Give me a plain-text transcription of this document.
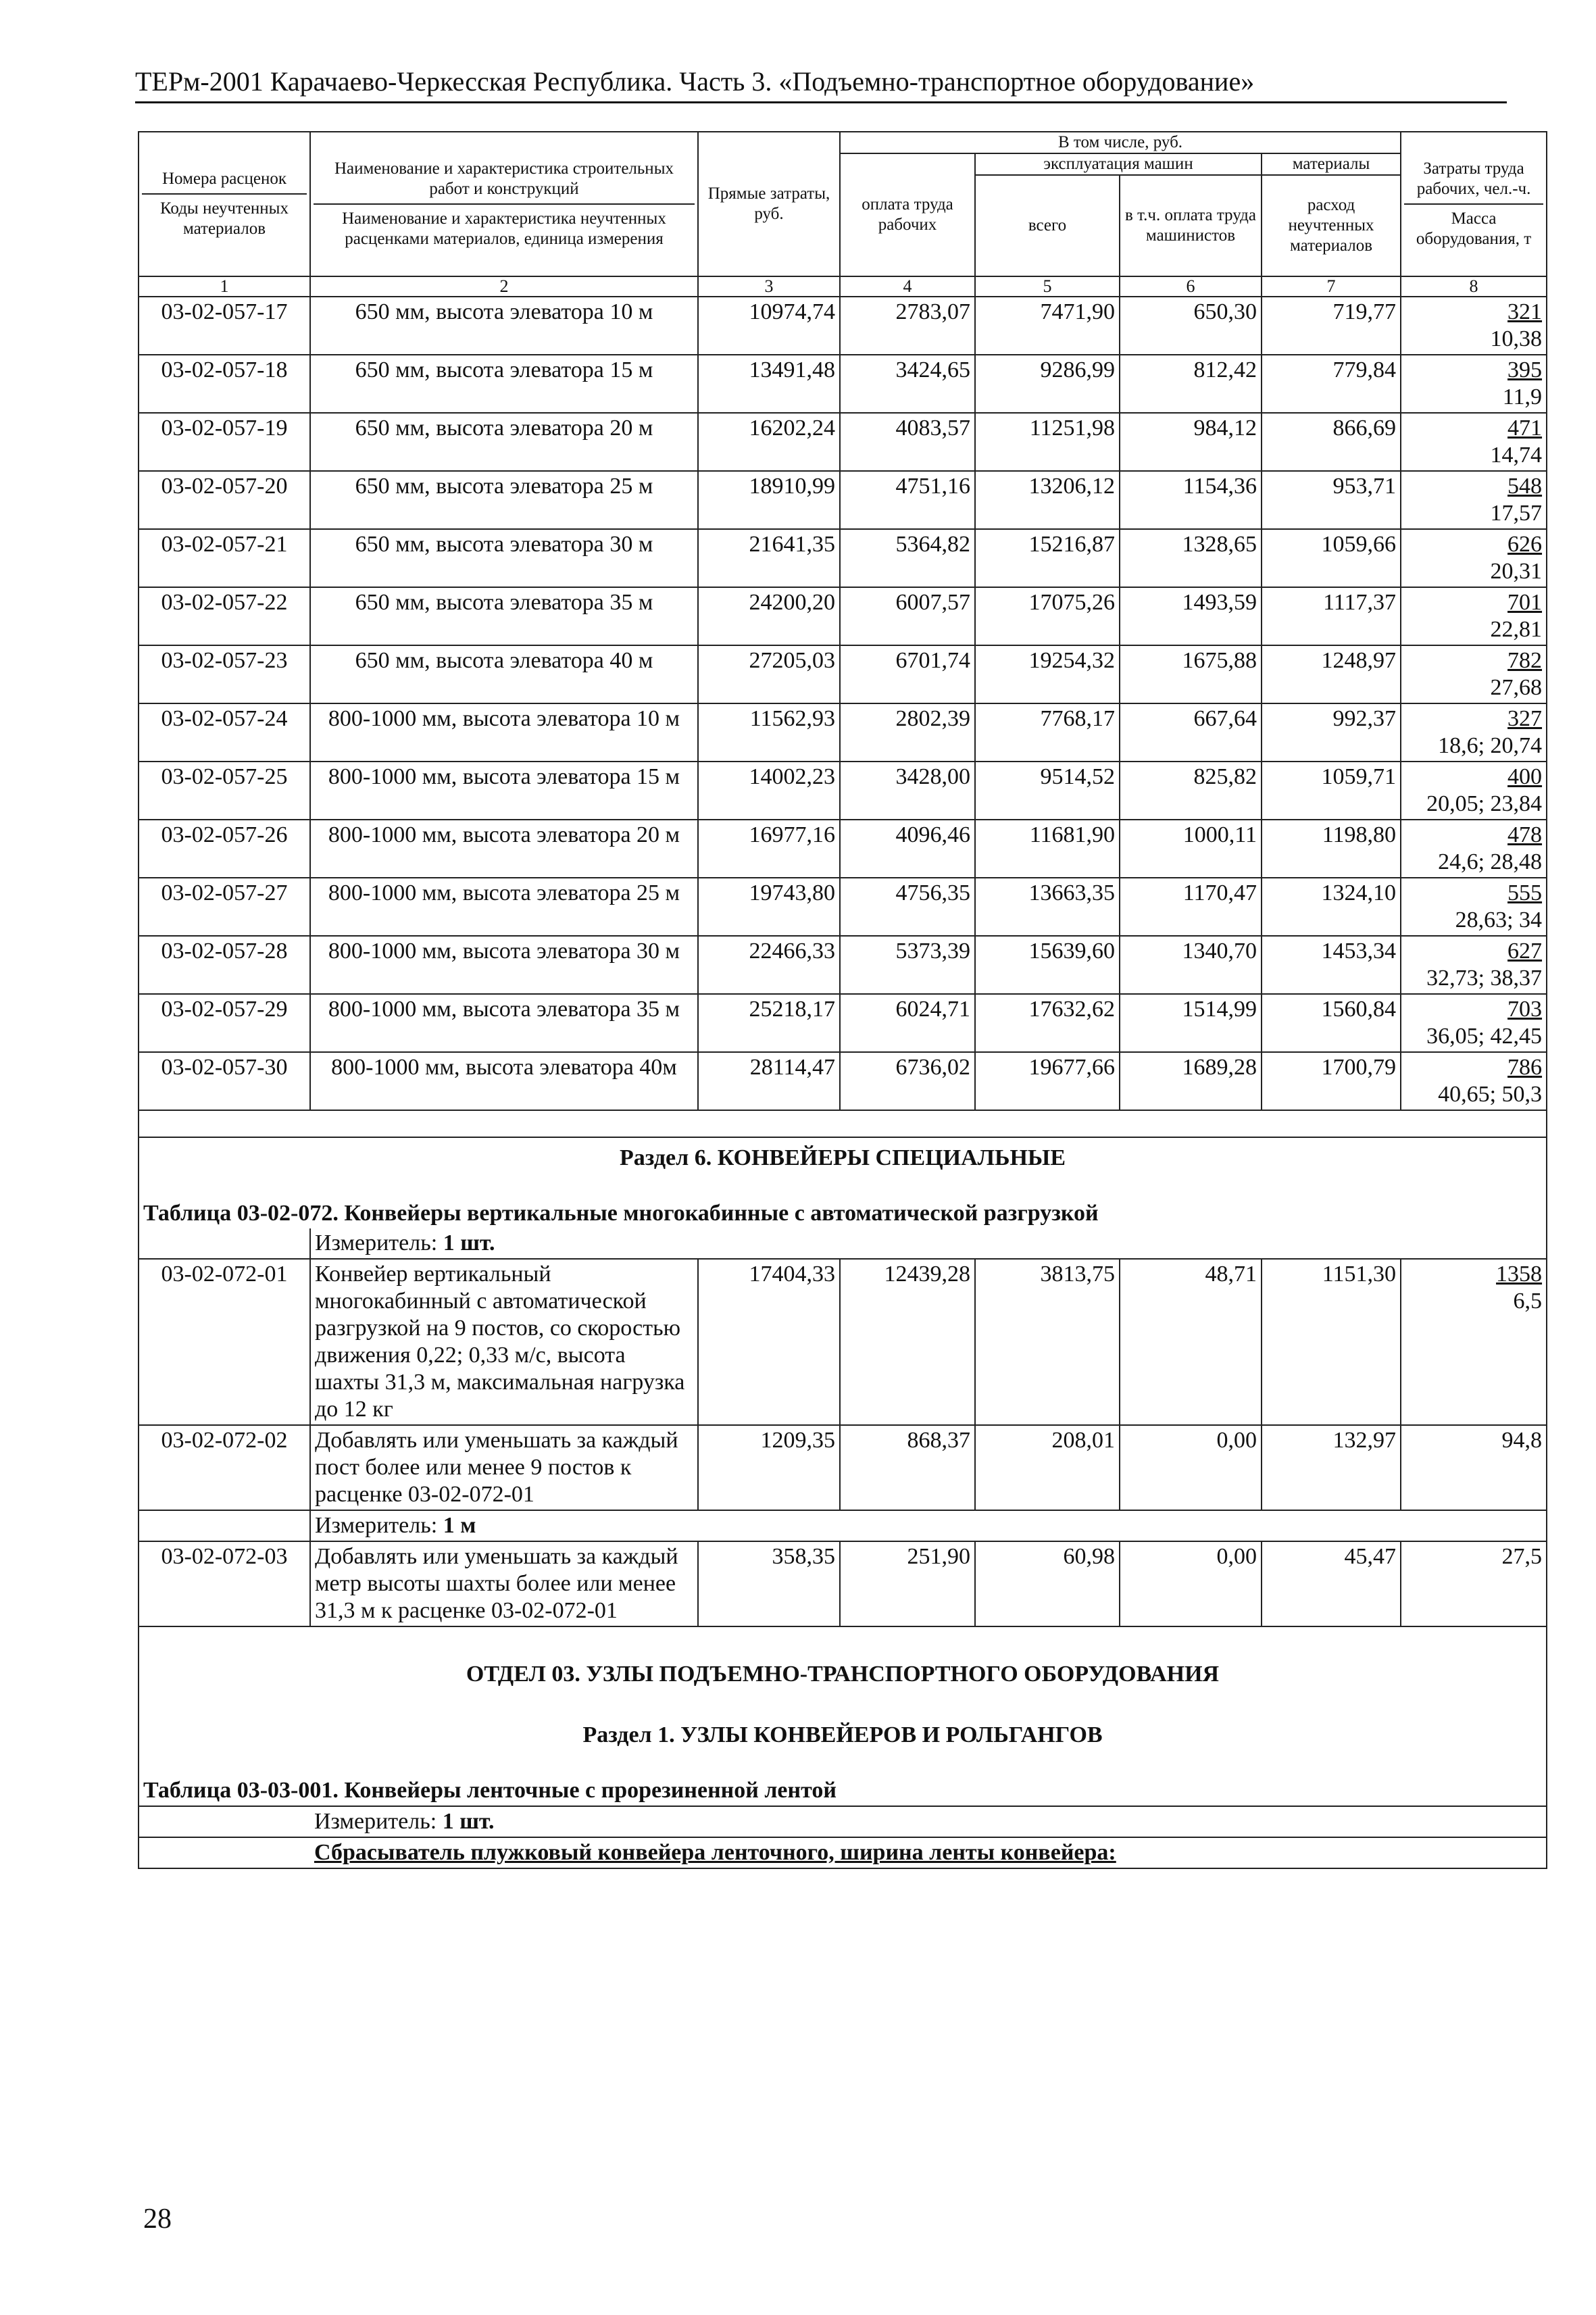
ТЕРм-2001 Карачаево-Черкесская Республика. Часть 3. «Подъемно-транспортное оборудование»
Номера расценок
Коды неучтенных материалов	Наименование и характеристика строительных работ и конструкций
Наименование и характеристика неучтенных расценками материалов, единица измерения	Прямые затраты, руб.	В том числе, руб.				Затраты труда рабочих, чел.-ч.
Масса оборудования, т

			оплата труда рабочих	эксплуатация машин		материалы	
				всего	в т.ч. оплата труда машинистов	расход неучтенных материалов	
1	2	3	4	5	6	7	8
03-02-057-17	650 мм, высота элеватора 10 м	10974,74	2783,07	7471,90	650,30	719,77	321
10,38

03-02-057-18	650 мм, высота элеватора 15 м	13491,48	3424,65	9286,99	812,42	779,84	395
11,9

03-02-057-19	650 мм, высота элеватора 20 м	16202,24	4083,57	11251,98	984,12	866,69	471
14,74

03-02-057-20	650 мм, высота элеватора 25 м	18910,99	4751,16	13206,12	1154,36	953,71	548
17,57

03-02-057-21	650 мм, высота элеватора 30 м	21641,35	5364,82	15216,87	1328,65	1059,66	626
20,31

03-02-057-22	650 мм, высота элеватора 35 м	24200,20	6007,57	17075,26	1493,59	1117,37	701
22,81

03-02-057-23	650 мм, высота элеватора 40 м	27205,03	6701,74	19254,32	1675,88	1248,97	782
27,68

03-02-057-24	800-1000 мм, высота элеватора 10 м	11562,93	2802,39	7768,17	667,64	992,37	327
18,6; 20,74

03-02-057-25	800-1000 мм, высота элеватора 15 м	14002,23	3428,00	9514,52	825,82	1059,71	400
20,05; 23,84

03-02-057-26	800-1000 мм, высота элеватора 20 м	16977,16	4096,46	11681,90	1000,11	1198,80	478
24,6; 28,48

03-02-057-27	800-1000 мм, высота элеватора 25 м	19743,80	4756,35	13663,35	1170,47	1324,10	555
28,63; 34

03-02-057-28	800-1000 мм, высота элеватора 30 м	22466,33	5373,39	15639,60	1340,70	1453,34	627
32,73; 38,37

03-02-057-29	800-1000 мм, высота элеватора 35 м	25218,17	6024,71	17632,62	1514,99	1560,84	703
36,05; 42,45

03-02-057-30	800-1000 мм, высота элеватора 40м	28114,47	6736,02	19677,66	1689,28	1700,79	786
40,65; 50,3

Раздел 6. КОНВЕЙЕРЫ СПЕЦИАЛЬНЫЕ							
Таблица 03-02-072. Конвейеры вертикальные многокабинные с автоматической разгрузкой							
	Измеритель: 1 шт.						
03-02-072-01	Конвейер вертикальный многокабинный с автоматической разгрузкой на 9 постов, со скоростью движения 0,22; 0,33 м/с, высота шахты 31,3 м, максимальная нагрузка до 12 кг	17404,33	12439,28	3813,75	48,71	1151,30	1358
6,5

03-02-072-02	Добавлять или уменьшать за каждый пост более или менее 9 постов к расценке 03-02-072-01	1209,35	868,37	208,01	0,00	132,97	94,8

	Измеритель: 1 м						
03-02-072-03	Добавлять или уменьшать за каждый метр высоты шахты более или менее 31,3 м к расценке 03-02-072-01	358,35	251,90	60,98	0,00	45,47	27,5

ОТДЕЛ 03. УЗЛЫ ПОДЪЕМНО-ТРАНСПОРТНОГО ОБОРУДОВАНИЯ							
Раздел 1. УЗЛЫ КОНВЕЙЕРОВ И РОЛЬГАНГОВ							
Таблица 03-03-001. Конвейеры ленточные с прорезиненной лентой							
	Измеритель: 1 шт.						
	Сбрасыватель плужковый конвейера ленточного, ширина ленты конвейера:						
28
